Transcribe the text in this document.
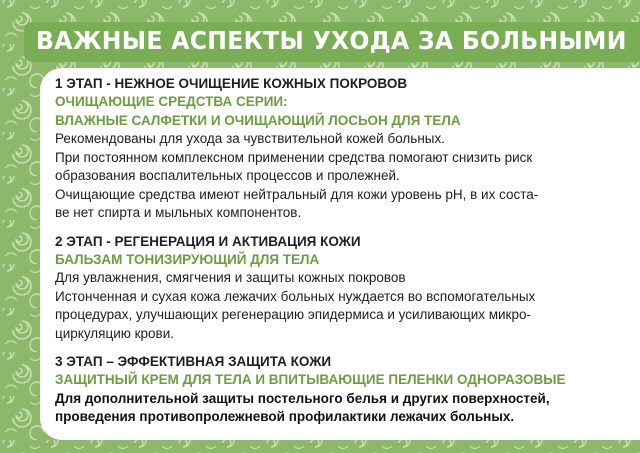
ВАЖНЫЕ АСПЕКТЫ УХОДА ЗА БОЛЬНЫМИ
1 ЭТАП - НЕЖНОЕ ОЧИЩЕНИЕ КОЖНЫХ ПОКРОВОВ
ОЧИЩАЮЩИЕ СРЕДСТВА СЕРИИ:
ВЛАЖНЫЕ САЛФЕТКИ И ОЧИЩАЮЩИЙ ЛОСЬОН ДЛЯ ТЕЛА
Рекомендованы для ухода за чувствительной кожей больных.
При постоянном комплексном применении средства помогают снизить риск
образования воспалительных процессов и пролежней.
Очищающие средства имеют нейтральный для кожи уровень pH, в их соста-
ве нет спирта и мыльных компонентов.
2 ЭТАП - РЕГЕНЕРАЦИЯ И АКТИВАЦИЯ КОЖИ
БАЛЬЗАМ ТОНИЗИРУЮЩИЙ ДЛЯ ТЕЛА
Для увлажнения, смягчения и защиты кожных покровов
Истонченная и сухая кожа лежачих больных нуждается во вспомогательных
процедурах, улучшающих регенерацию эпидермиса и усиливающих микро-
циркуляцию крови.
3 ЭТАП – ЭФФЕКТИВНАЯ ЗАЩИТА КОЖИ
ЗАЩИТНЫЙ КРЕМ ДЛЯ ТЕЛА И ВПИТЫВАЮЩИЕ ПЕЛЕНКИ ОДНОРАЗОВЫЕ
Для дополнительной защиты постельного белья и других поверхностей,
проведения противопролежневой профилактики лежачих больных.
